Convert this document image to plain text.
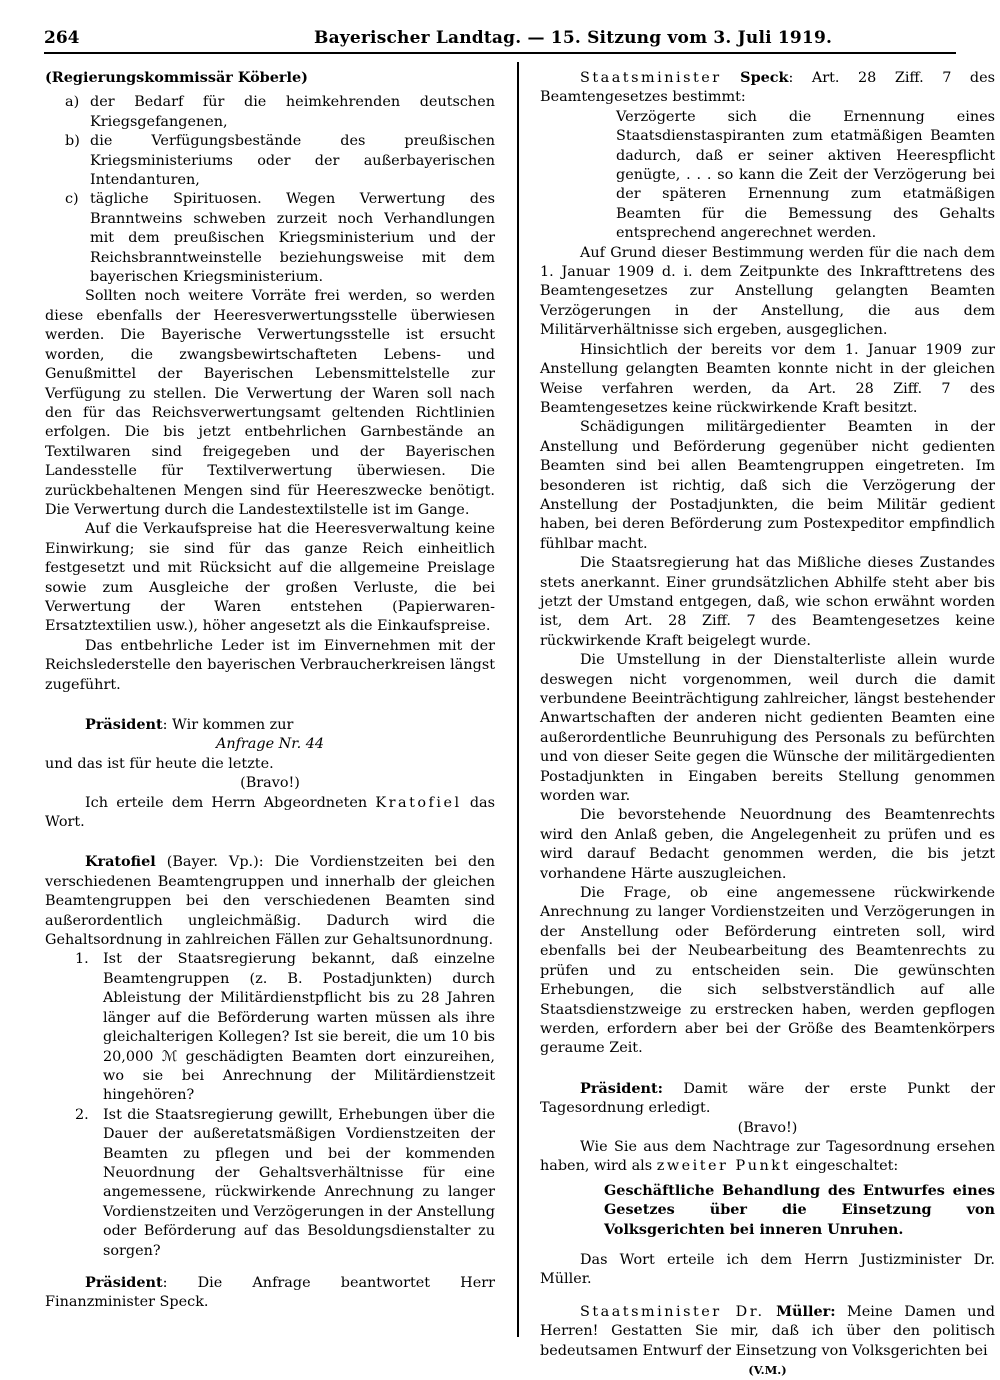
264	Bayerischer Landtag. — 15. Sitzung vom 3. Juli 1919.

(Regierungskommissär Köberle)

a) der Bedarf für die heimkehrenden deutschen Kriegsgefangenen,
b) die Verfügungsbestände des preußischen Kriegsministeriums oder der außerbayerischen Intendanturen,
c) tägliche Spirituosen. Wegen Verwertung des Branntweins schweben zurzeit noch Verhandlungen mit dem preußischen Kriegsministerium und der Reichsbranntweinstelle beziehungsweise mit dem bayerischen Kriegsministerium.

Sollten noch weitere Vorräte frei werden, so werden diese ebenfalls der Heeresverwertungsstelle überwiesen werden. Die Bayerische Verwertungsstelle ist ersucht worden, die zwangsbewirtschafteten Lebens- und Genußmittel der Bayerischen Lebensmittelstelle zur Verfügung zu stellen. Die Verwertung der Waren soll nach den für das Reichsverwertungsamt geltenden Richtlinien erfolgen. Die bis jetzt entbehrlichen Garnbestände an Textilwaren sind freigegeben und der Bayerischen Landesstelle für Textilverwertung überwiesen. Die zurückbehaltenen Mengen sind für Heereszwecke benötigt. Die Verwertung durch die Landestextilstelle ist im Gange.

Auf die Verkaufspreise hat die Heeresverwaltung keine Einwirkung; sie sind für das ganze Reich einheitlich festgesetzt und mit Rücksicht auf die allgemeine Preislage sowie zum Ausgleiche der großen Verluste, die bei Verwertung der Waren entstehen (Papierwaren-Ersatztextilien usw.), höher angesetzt als die Einkaufspreise.

Das entbehrliche Leder ist im Einvernehmen mit der Reichslederstelle den bayerischen Verbraucherkreisen längst zugeführt.

Präsident: Wir kommen zur

Anfrage Nr. 44

und das ist für heute die letzte.

(Bravo!)

Ich erteile dem Herrn Abgeordneten Kratofiel das Wort.

Kratofiel (Bayer. Vp.): Die Vordienstzeiten bei den verschiedenen Beamtengruppen und innerhalb der gleichen Beamtengruppen bei den verschiedenen Beamten sind außerordentlich ungleichmäßig. Dadurch wird die Gehaltsordnung in zahlreichen Fällen zur Gehaltsunordnung.

1. Ist der Staatsregierung bekannt, daß einzelne Beamtengruppen (z. B. Postadjunkten) durch Ableistung der Militärdienstpflicht bis zu 28 Jahren länger auf die Beförderung warten müssen als ihre gleichalterigen Kollegen? Ist sie bereit, die um 10 bis 20,000 ℳ geschädigten Beamten dort einzureihen, wo sie bei Anrechnung der Militärdienstzeit hingehören?
2. Ist die Staatsregierung gewillt, Erhebungen über die Dauer der außeretatsmäßigen Vordienstzeiten der Beamten zu pflegen und bei der kommenden Neuordnung der Gehaltsverhältnisse für eine angemessene, rückwirkende Anrechnung zu langer Vordienstzeiten und Verzögerungen in der Anstellung oder Beförderung auf das Besoldungsdienstalter zu sorgen?

Präsident: Die Anfrage beantwortet Herr Finanzminister Speck.

Staatsminister Speck: Art. 28 Ziff. 7 des Beamtengesetzes bestimmt:

Verzögerte sich die Ernennung eines Staatsdienstaspiranten zum etatmäßigen Beamten dadurch, daß er seiner aktiven Heerespflicht genügte, . . . so kann die Zeit der Verzögerung bei der späteren Ernennung zum etatmäßigen Beamten für die Bemessung des Gehalts entsprechend angerechnet werden.

Auf Grund dieser Bestimmung werden für die nach dem 1. Januar 1909 d. i. dem Zeitpunkte des Inkrafttretens des Beamtengesetzes zur Anstellung gelangten Beamten Verzögerungen in der Anstellung, die aus dem Militärverhältnisse sich ergeben, ausgeglichen.

Hinsichtlich der bereits vor dem 1. Januar 1909 zur Anstellung gelangten Beamten konnte nicht in der gleichen Weise verfahren werden, da Art. 28 Ziff. 7 des Beamtengesetzes keine rückwirkende Kraft besitzt.

Schädigungen militärgedienter Beamten in der Anstellung und Beförderung gegenüber nicht gedienten Beamten sind bei allen Beamtengruppen eingetreten. Im besonderen ist richtig, daß sich die Verzögerung der Anstellung der Postadjunkten, die beim Militär gedient haben, bei deren Beförderung zum Postexpeditor empfindlich fühlbar macht.

Die Staatsregierung hat das Mißliche dieses Zustandes stets anerkannt. Einer grundsätzlichen Abhilfe steht aber bis jetzt der Umstand entgegen, daß, wie schon erwähnt worden ist, dem Art. 28 Ziff. 7 des Beamtengesetzes keine rückwirkende Kraft beigelegt wurde.

Die Umstellung in der Dienstalterliste allein wurde deswegen nicht vorgenommen, weil durch die damit verbundene Beeinträchtigung zahlreicher, längst bestehender Anwartschaften der anderen nicht gedienten Beamten eine außerordentliche Beunruhigung des Personals zu befürchten und von dieser Seite gegen die Wünsche der militärgedienten Postadjunkten in Eingaben bereits Stellung genommen worden war.

Die bevorstehende Neuordnung des Beamtenrechts wird den Anlaß geben, die Angelegenheit zu prüfen und es wird darauf Bedacht genommen werden, die bis jetzt vorhandene Härte auszugleichen.

Die Frage, ob eine angemessene rückwirkende Anrechnung zu langer Vordienstzeiten und Verzögerungen in der Anstellung oder Beförderung eintreten soll, wird ebenfalls bei der Neubearbeitung des Beamtenrechts zu prüfen und zu entscheiden sein. Die gewünschten Erhebungen, die sich selbstverständlich auf alle Staatsdienstzweige zu erstrecken haben, werden gepflogen werden, erfordern aber bei der Größe des Beamtenkörpers geraume Zeit.

Präsident: Damit wäre der erste Punkt der Tagesordnung erledigt.

(Bravo!)

Wie Sie aus dem Nachtrage zur Tagesordnung ersehen haben, wird als zweiter Punkt eingeschaltet:

Geschäftliche Behandlung des Entwurfes eines Gesetzes über die Einsetzung von Volksgerichten bei inneren Unruhen.

Das Wort erteile ich dem Herrn Justizminister Dr. Müller.

Staatsminister Dr. Müller: Meine Damen und Herren! Gestatten Sie mir, daß ich über den politisch bedeutsamen Entwurf der Einsetzung von Volksgerichten bei

(V.M.)
